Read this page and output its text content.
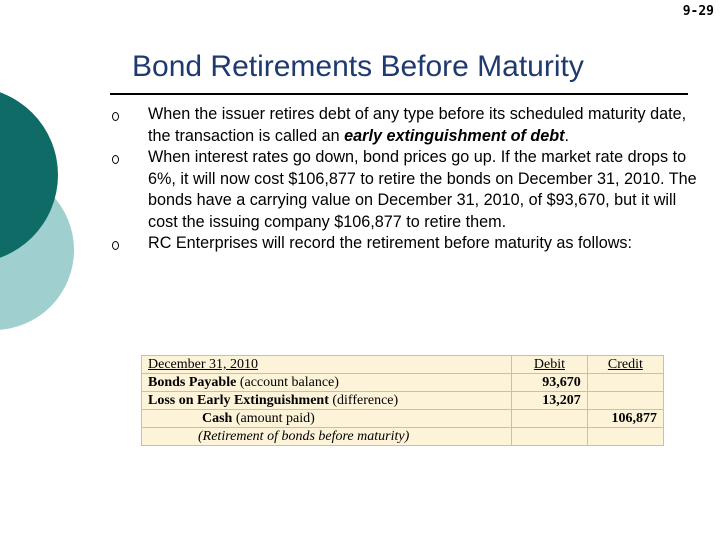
9-29
Bond Retirements Before Maturity
When the issuer retires debt of any type before its scheduled maturity date, the transaction is called an early extinguishment of debt.
When interest rates go down, bond prices go up. If the market rate drops to 6%, it will now cost $106,877 to retire the bonds on December 31, 2010. The bonds have a carrying value on December 31, 2010, of $93,670, but it will cost the issuing company $106,877 to retire them.
RC Enterprises will record the retirement before maturity as follows:
December 31, 2010	Debit	Credit
Bonds Payable (account balance)	93,670	
Loss on Early Extinguishment (difference)	13,207	
Cash (amount paid)		106,877
(Retirement of bonds before maturity)		
